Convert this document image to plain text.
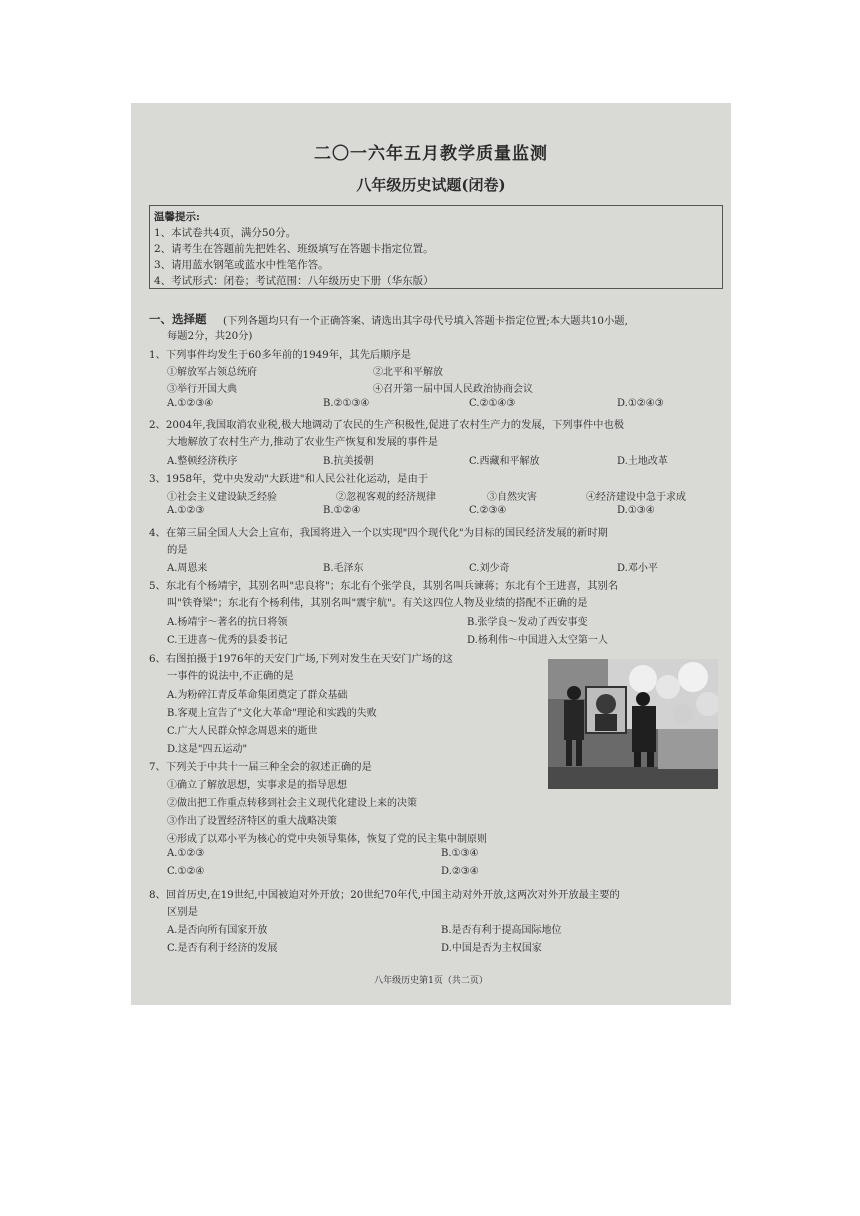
二〇一六年五月教学质量监测
八年级历史试题(闭卷)
温馨提示:
1、本试卷共4页，满分50分。
2、请考生在答题前先把姓名、班级填写在答题卡指定位置。
3、请用蓝水钢笔或蓝水中性笔作答。
4、考试形式：闭卷；考试范围：八年级历史下册（华东版）
一、选择题 (下列各题均只有一个正确答案、请选出其字母代号填入答题卡指定位置;本大题共10小题,
每题2分，共20分)
1、下列事件均发生于60多年前的1949年，其先后顺序是
①解放军占领总统府	②北平和平解放
③举行开国大典	④召开第一届中国人民政治协商会议
A.①②③④	B.②①③④	C.②①④③	D.①②④③
2、2004年,我国取消农业税,极大地调动了农民的生产积极性,促进了农村生产力的发展，下列事件中也极
大地解放了农村生产力,推动了农业生产恢复和发展的事件是
A.整顿经济秩序	B.抗美援朝	C.西藏和平解放	D.土地改革
3、1958年，党中央发动"大跃进"和人民公社化运动，是由于
①社会主义建设缺乏经验	②忽视客观的经济规律	③自然灾害	④经济建设中急于求成
A.①②③	B.①②④	C.②③④	D.①③④
4、在第三届全国人大会上宣布，我国将进入一个以实现"四个现代化"为目标的国民经济发展的新时期
的是
A.周恩来	B.毛泽东	C.刘少奇	D.邓小平
5、东北有个杨靖宇，其别名叫"忠良将"；东北有个张学良，其别名叫兵谏蒋；东北有个王进喜，其别名
叫"铁脊梁"；东北有个杨利伟，其别名叫"震宇航"。有关这四位人物及业绩的搭配不正确的是
A.杨靖宇～著名的抗日将领	B.张学良～发动了西安事变
C.王进喜～优秀的县委书记	D.杨利伟～中国进入太空第一人
6、右图拍摄于1976年的天安门广场,下列对发生在天安门广场的这
一事件的说法中,不正确的是
A.为粉碎江青反革命集团奠定了群众基础
B.客观上宣告了"文化大革命"理论和实践的失败
C.广大人民群众悼念周恩来的逝世
D.这是"四五运动"
7、下列关于中共十一届三种全会的叙述正确的是
①确立了解放思想，实事求是的指导思想
②做出把工作重点转移到社会主义现代化建设上来的决策
③作出了设置经济特区的重大战略决策
④形成了以邓小平为核心的党中央领导集体，恢复了党的民主集中制原则
A.①②③	B.①③④
C.①②④	D.②③④
8、回首历史,在19世纪,中国被迫对外开放；20世纪70年代,中国主动对外开放,这两次对外开放最主要的
区别是
A.是否向所有国家开放	B.是否有利于提高国际地位
C.是否有利于经济的发展	D.中国是否为主权国家
八年级历史第1页（共二页）
